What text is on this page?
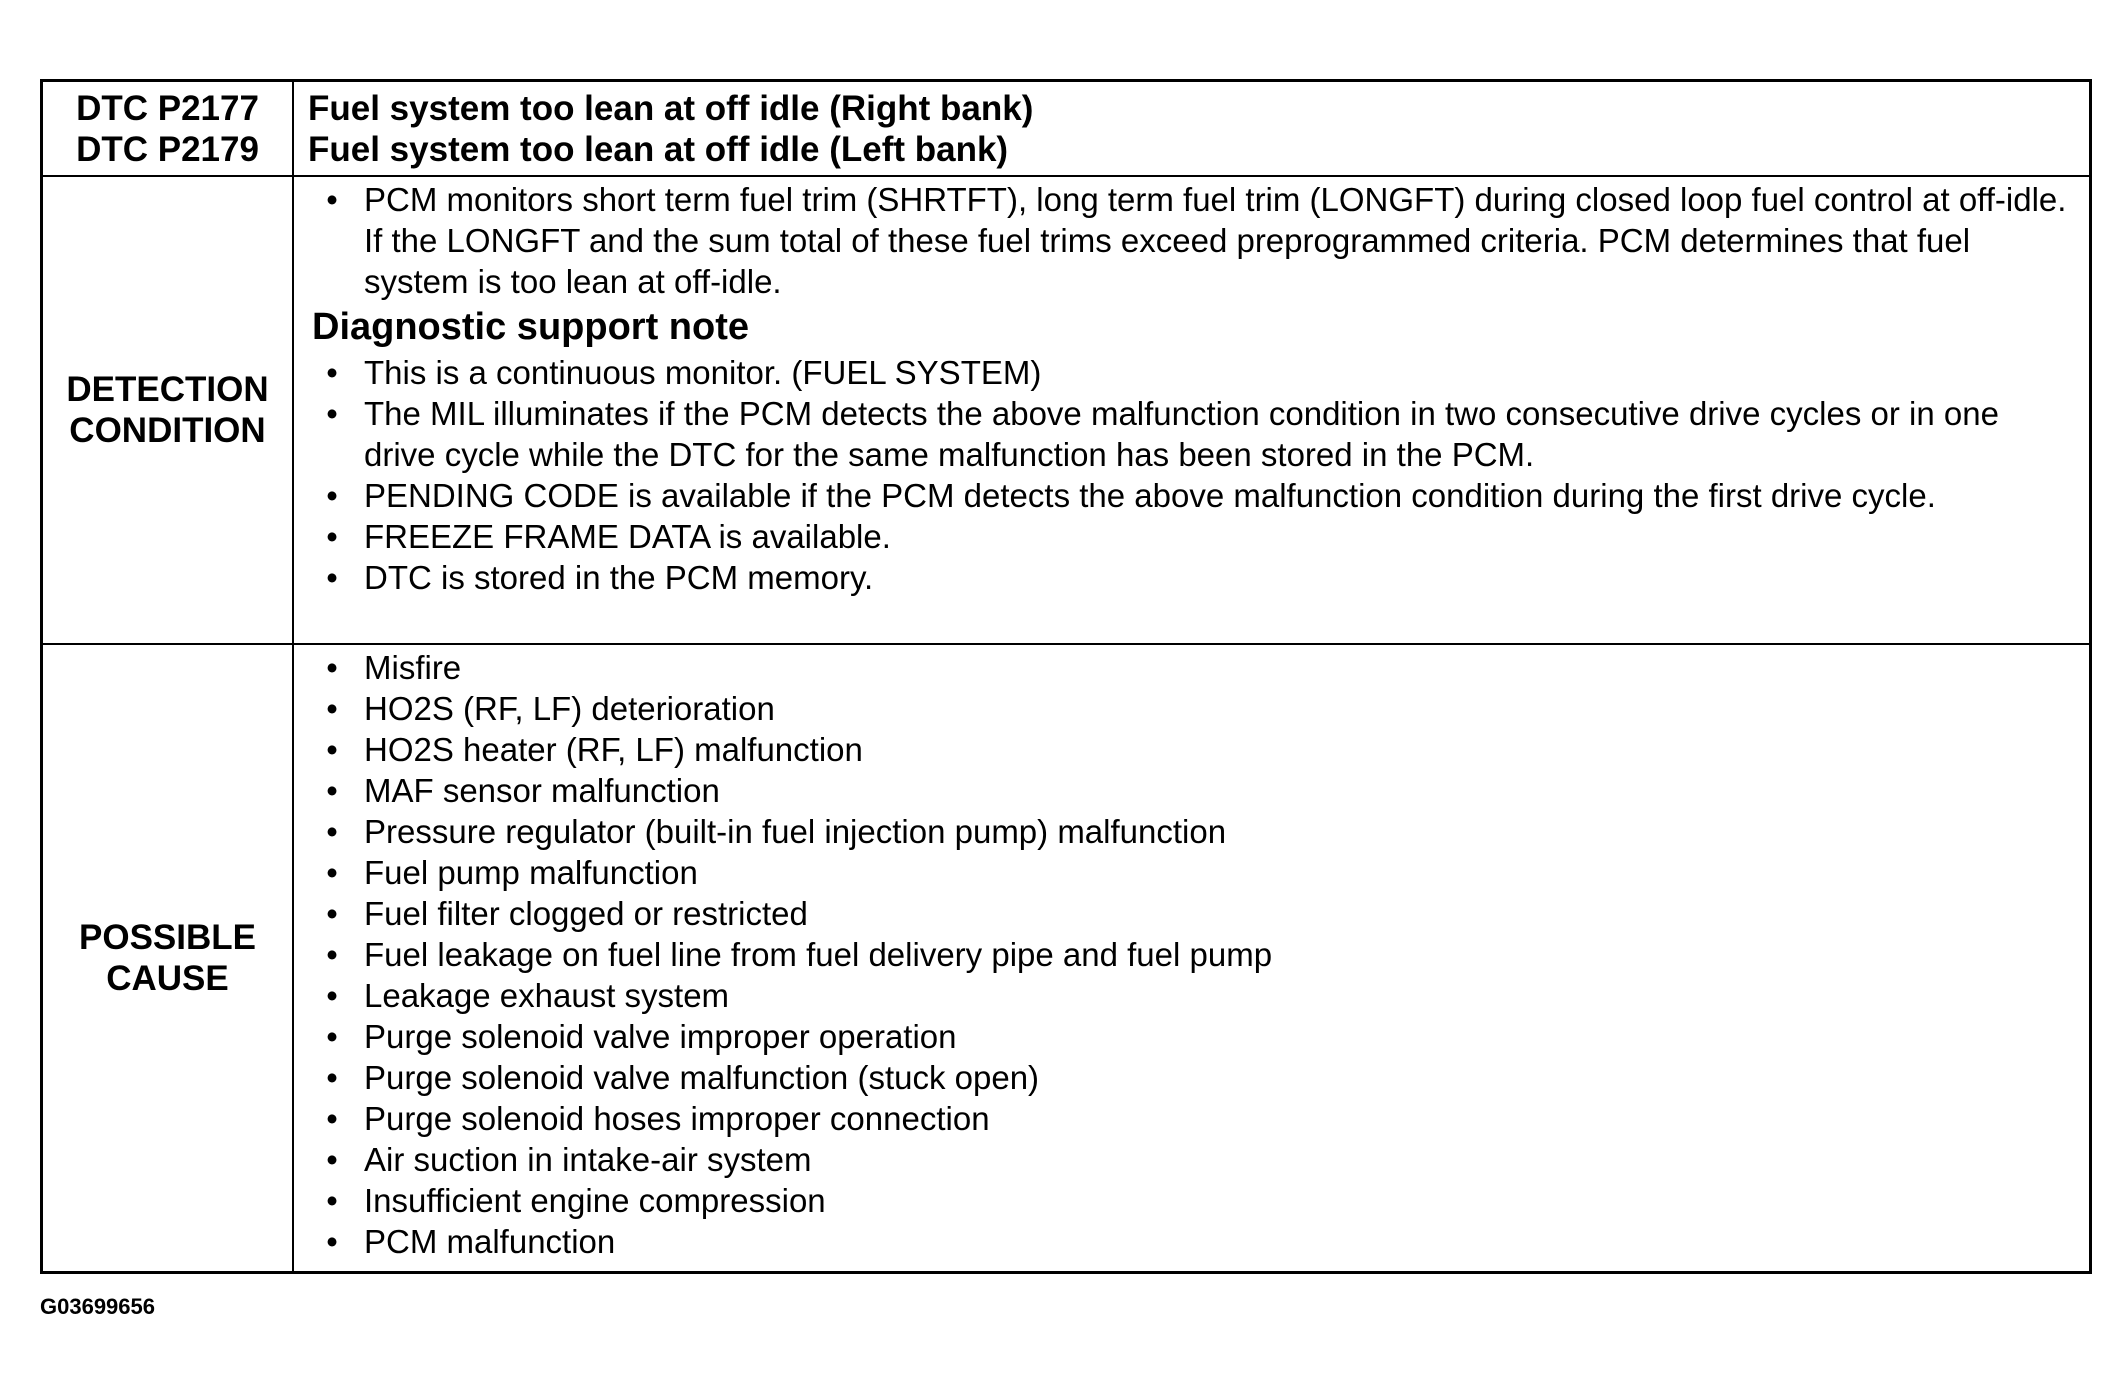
DTC P2177
DTC P2179
Fuel system too lean at off idle (Right bank)
Fuel system too lean at off idle (Left bank)
DETECTION
CONDITION
• PCM monitors short term fuel trim (SHRTFT), long term fuel trim (LONGFT) during closed loop fuel control at off-idle. If the LONGFT and the sum total of these fuel trims exceed preprogrammed criteria. PCM determines that fuel system is too lean at off-idle.
Diagnostic support note
• This is a continuous monitor. (FUEL SYSTEM)
• The MIL illuminates if the PCM detects the above malfunction condition in two consecutive drive cycles or in one drive cycle while the DTC for the same malfunction has been stored in the PCM.
• PENDING CODE is available if the PCM detects the above malfunction condition during the first drive cycle.
• FREEZE FRAME DATA is available.
• DTC is stored in the PCM memory.
POSSIBLE
CAUSE
• Misfire
• HO2S (RF, LF) deterioration
• HO2S heater (RF, LF) malfunction
• MAF sensor malfunction
• Pressure regulator (built-in fuel injection pump) malfunction
• Fuel pump malfunction
• Fuel filter clogged or restricted
• Fuel leakage on fuel line from fuel delivery pipe and fuel pump
• Leakage exhaust system
• Purge solenoid valve improper operation
• Purge solenoid valve malfunction (stuck open)
• Purge solenoid hoses improper connection
• Air suction in intake-air system
• Insufficient engine compression
• PCM malfunction
G03699656
